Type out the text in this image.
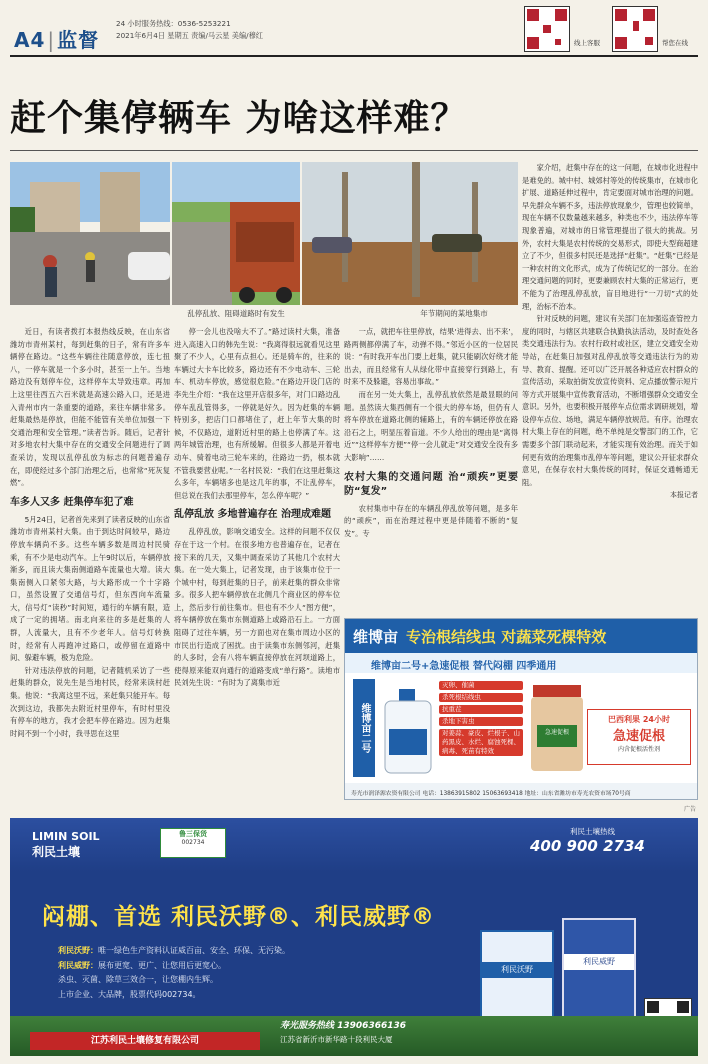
A4 | 监督
24 小时服务热线：0536-5253221
2021年6月4日 星期五 责编/马云星 美编/穆红
线上客服	帮您在线
赶个集停辆车 为啥这样难？
乱停乱放、阻碍道路时有发生	年节期间的某地集市

近日，有读者拨打本报热线反映，在山东省潍坊市青州某村，每到赶集的日子，常有许多车辆停在路边。“这些车辆往往随意停放，连七扭八，一停车就是一个多小时，甚至一上午。当地路边没有划停车位，这样停车太导致违章。再加上这里往西五六百米就是高速公路入口，还是进入青州市内一条重要的道路，来往车辆非常多。赶集最热是停放，但能不能管有关单位加强一下交通治理和安全管理。”读者告诉。随后，记者针对多地农村大集中存在的交通安全问题进行了调查采访，发现以乱停乱放为标志的问题普遍存在，即使经过多个部门治理之后，也常常“死灰复燃”。

车多人又多 赶集停车犯了难

5月24日，记者首先来到了读者反映的山东省潍坊市青州某村大集。由于到达时间较早，路边停放车辆尚不多。这些车辆多数是周边村民骑乘，有不少是电动汽车。上午9时以后，车辆停放渐多，而且读大集南侧道路车流量也大增。读大集南侧入口紧邻大路，与大路形成一个十字路口，虽然设置了交通信号灯，但东西向车流量大，信号灯“读秒”时间短，通行的车辆有限，造成了一定的拥堵。南北向来往的多是赶集的人群，人流量大，且有不少老年人。信号灯转换时，经常有人再跑冲过路口，或停留在道路中间、躲避车辆，极为危险。

针对违法停放的问题，记者随机采访了一些赶集的群众，说先生是当地村民，经常来读村赶集。他说：“我离这里不远，来赶集只能开车。每次到这边，我都先去附近村里停车，有时村里没有停车的地方，我才会把车停在路边。因为赶集时间不到一个小时，我寻思在这里

停一会儿也没啥大不了。”路过读村大集，准备进入高速入口的韩先生说：“我离得很远就看见这里聚了不少人，心里有点担心。还是骑车的，往来的车辆过大卡车比较多，路边还有不少电动车、三轮车、机动车停放，感觉很危险。”在路边开设门店的李先生介绍：“我在这里开店很多年，对门口路边乱停车乱乱管得多，一停就是好久。因为赶集的车辆特别多，把店门口都堵住了，赶上年节大集的时候，不仅路边，道附近村里的路上也停满了车。这两年城管治理，也有所缓解。但很多人都是开着电动车、骑着电动三轮车来的，往路边一扔，根本就不管我要营业呢。”一名村民说：“我们在这里赶集这么多年，车辆堵多也是这几年的事，不让乱停车，但总说在我们去那里停车，怎么停车呢？”

乱停乱放 多地普遍存在 治理成难题

乱停乱放，影响交通安全。这样的问题不仅仅存在于这一个村。在很多地方也普遍存在，记者在接下来的几天，又集中调查采访了其他几个农村大集。在一处大集上，记者发现，由于该集市位于一个城中村，每到赶集的日子，前来赶集的群众非常多。很多人把车辆停放在北侧几个商业区的停车位上，然后步行前往集市。但也有不少人“图方便”，将车辆停放在集市东侧道路上或路沿石上。一方面阻碍了过往车辆，另一方面也对在集市周边小区的市民出行造成了困扰。由于读集市东侧邻河，赶集的人多时，会有八将车辆直接停放在河坝道路上，使得原来能双向通行的道路变成“单行路”。读地市民刘先生说：“有时为了离集市近

一点，就把车往里停放，结果‘进得去、出不来’，路两侧都停满了车，动弹不得。”邻近小区的一位居民说：“有时我开车出门要上赶集，就只能刷次好绕才能出去，而且经常有人从绿化带中直接穿行到路上，有时来不及躲避，容易出事故。”

而在另一处大集上，乱停乱放依然是最显眼的问题。虽然读大集西侧有一个很大的停车场，但仍有人将车停放在道路北侧的辅路上，有的车辆还停放在路沿石之上，明显压着盲道。不少人给出的理由是“离得近”“这样停车方便”“停一会儿就走”对交通安全没有多大影响”……

农村大集的交通问题 治“顽疾”更要防“复发”

农村集市中存在的车辆乱停乱放等问题，是多年的“顽疾”，而在治理过程中更是伴随着不断的“复发”。专

家介绍，赶集中存在的这一问题，在城市化进程中是难免的。城中村、城郊村等处的传统集市，在城市化扩展、道路延伸过程中，肯定要面对城市治理的问题。早先群众车辆不多，违法停放现象少，管理也较简单，现在车辆不仅数量越来越多，种类也不少，违法停车等现象普遍，对城市的日常管理提出了很大的挑战。另外，农村大集是农村传统的交易形式，即使大型商超建立了不少，但很多村民还是选择“赶集”。“赶集”已经是一种农村的文化形式，成为了传统记忆的一部分。在治理交通问题的同时，更要兼顾农村大集的正常运行，更不能为了治理乱停乱放，盲目地进行“一刀切”式的处理，治标不治本。

针对反映的问题，建议有关部门在加强巡查管控力度的同时，与辖区共建联合执勤执法活动，及时查处各类交通违法行为。农村行政村或社区，建立交通安全劝导站，在赶集日加强对乱停乱放等交通违法行为的劝导、教育、提醒。还可以广泛开展各种适应农村群众的宣传活动，采取拍街发放宣传资料、定点播放警示短片等方式开展集中宣传教育活动，不断增强群众交通安全意识。另外，也要积极开展停车点位需求调研规划，增设停车点位、场地，满足车辆停放规范。有序。治理农村大集上存在的问题，绝不单纯是交警部门的工作，它需要多个部门联动起来，才能实现有效治理。而关于如何更有效的治理集市乱停车等问题，建议公开征求群众意见，在保存农村大集传统的同时，保证交通畅通无阻。

本报记者
维博亩 专治根结线虫 对蔬菜死棵特效
维博亩二号+急速促根 替代闷棚 四季通用
维博亩二号
灭卵、催菌
杀死根结线虫
抗重茬
杀地下害虫
对姜蒜、豪皮、烂根子、山药黑皮、水烂、腐蚀死棵、病毒、死苗有特效
急速促根
巴西利果 24小时
急速促根
内含促根活性剂
寿光市润泽源农资有限公司 电话：13863915802 15063693418 地址：山东省潍坊市寿光农资市场70号商
广告
LIMIN SOIL
利民土壤
鲁三保货
002734
利民土壤热线
400 900 2734
闷棚、首选 利民沃野®、利民威野®
利民沃野：唯一绿色生产资料认证威百亩、安全、环保、无污染。
利民威野：展布更宽、更广、让您用后更宽心。
杀虫、灭菌、除草三效合一，让您棚内生辉。
上市企业、大品牌，股票代码002734。
利民沃野
利民威野
江苏利民土壤修复有限公司
寿光服务热线 13906366136
江苏省新沂市新华路十段利民大厦
